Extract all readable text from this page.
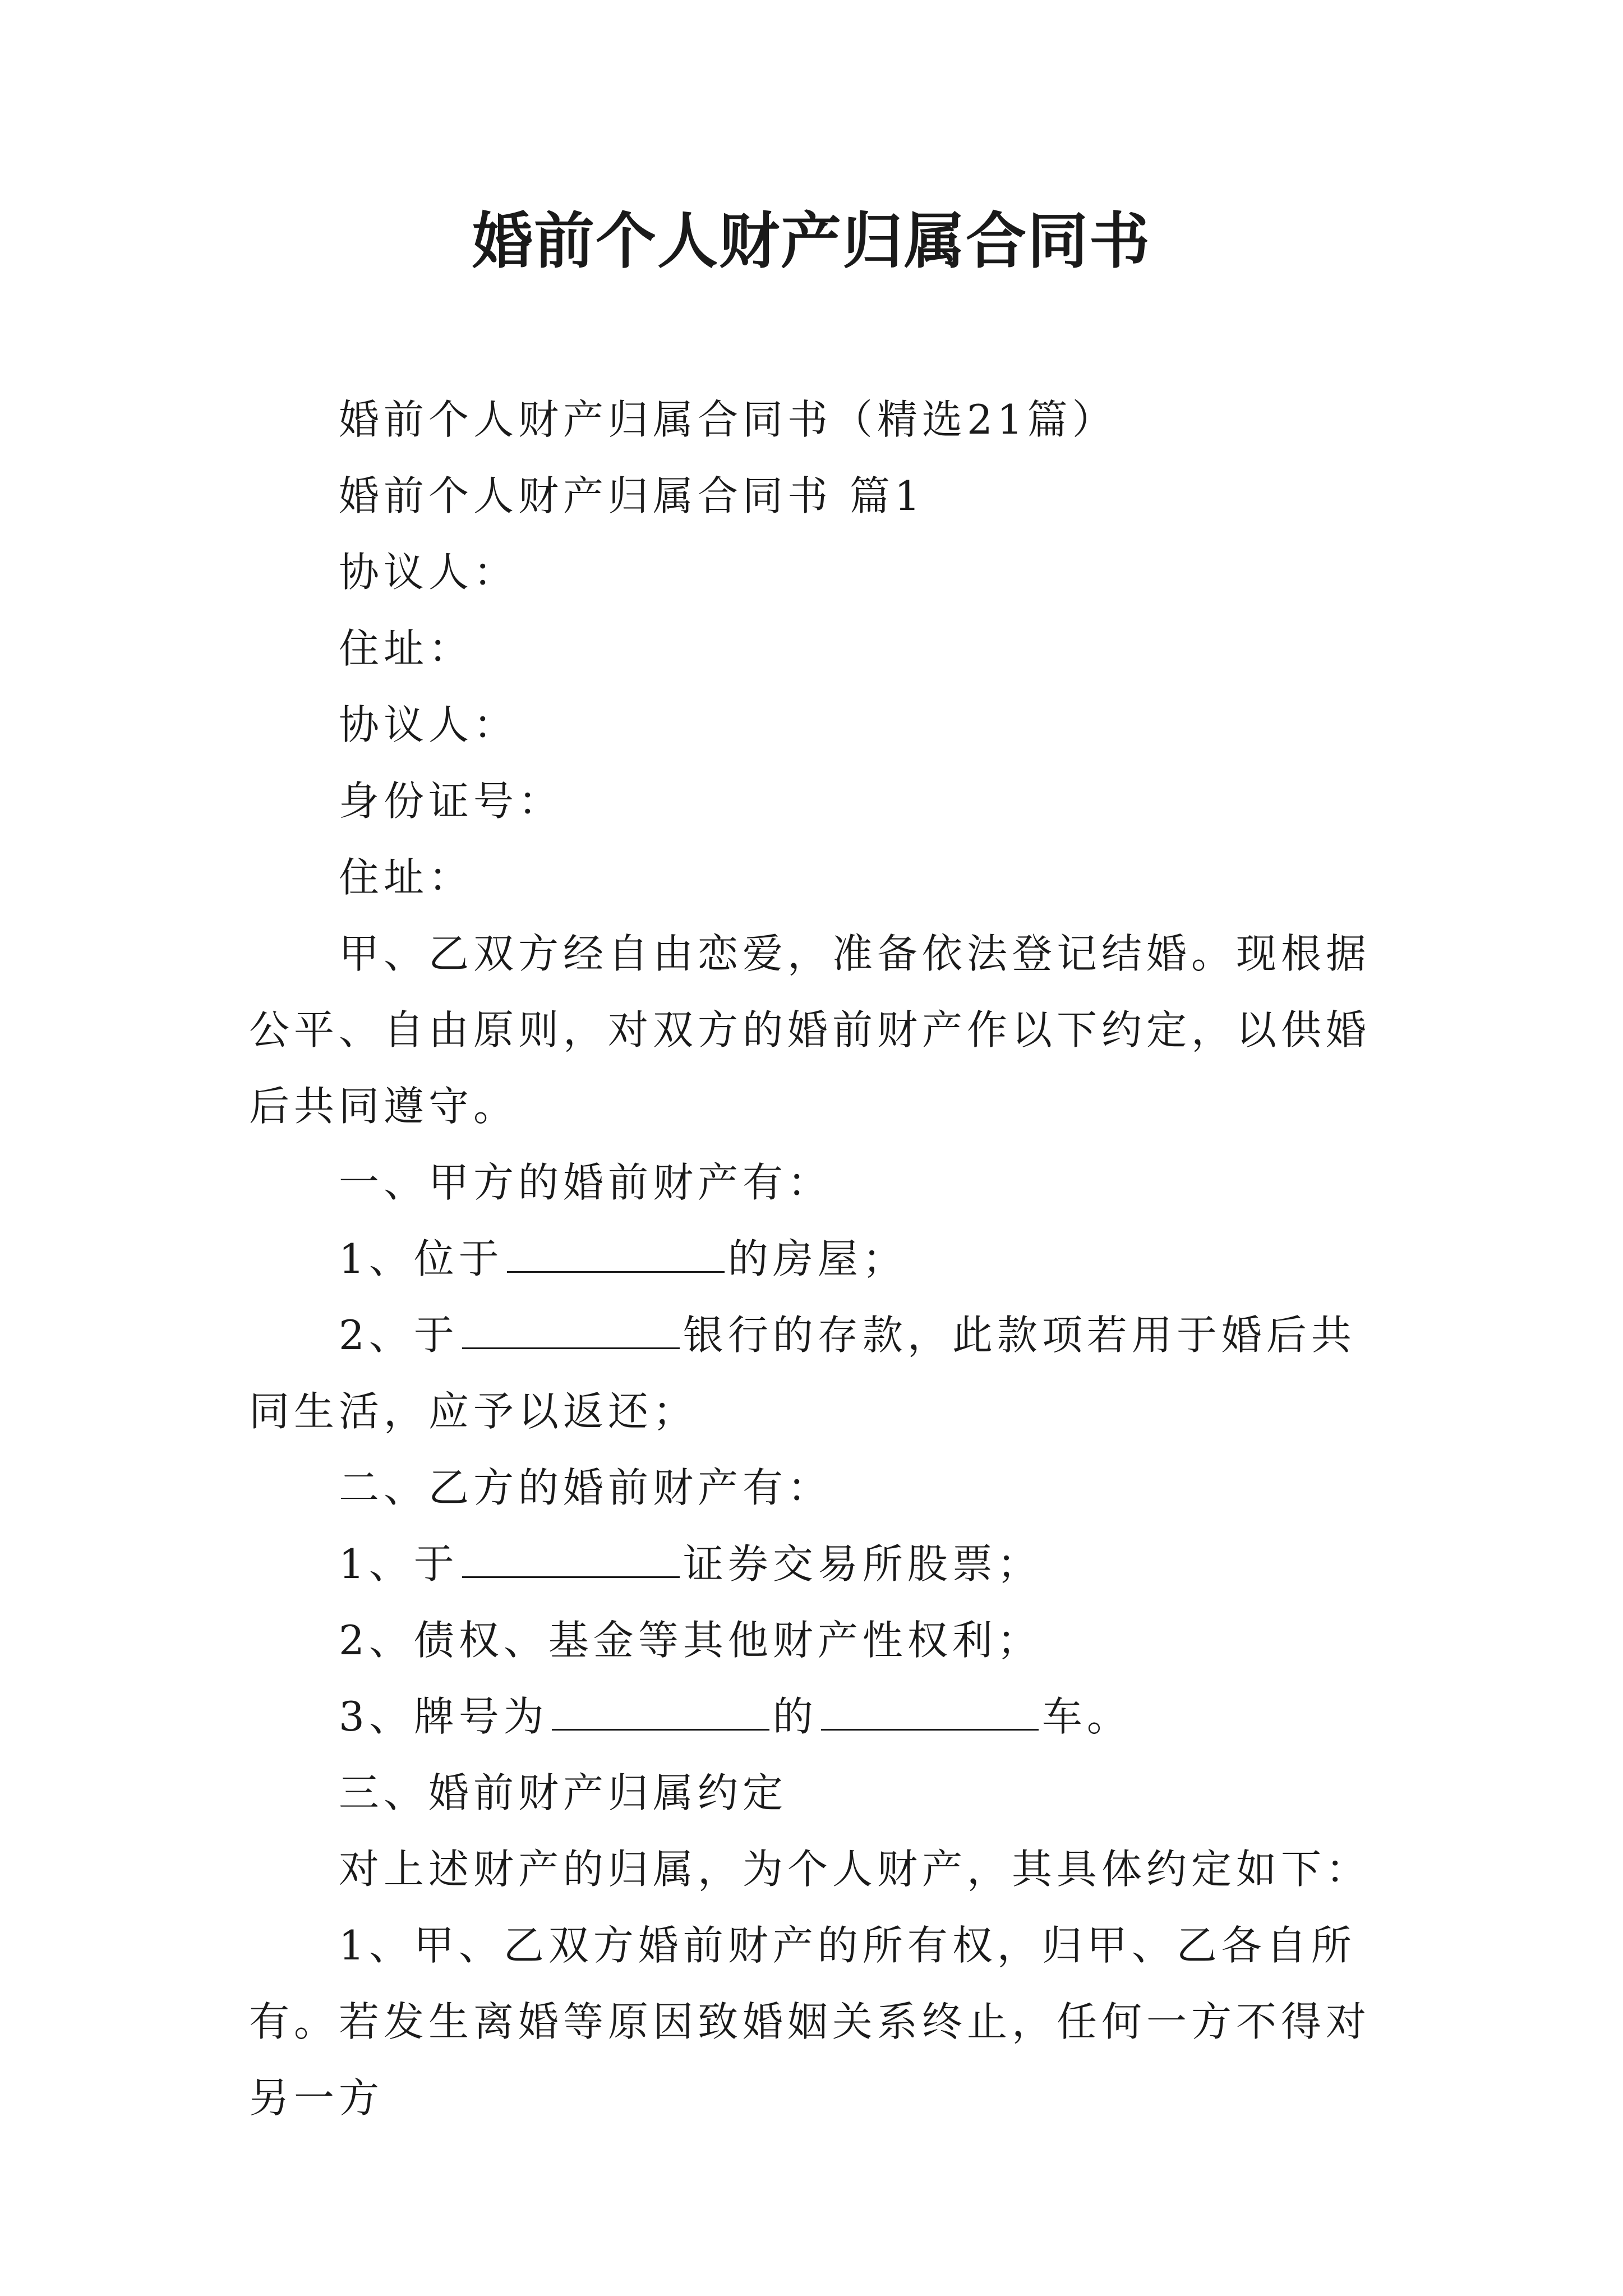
婚前个人财产归属合同书

婚前个人财产归属合同书（精选21篇）

婚前个人财产归属合同书 篇1

协议人：

住址：

协议人：

身份证号：

住址：

甲、乙双方经自由恋爱，准备依法登记结婚。现根据公平、自由原则，对双方的婚前财产作以下约定，以供婚后共同遵守。

一、甲方的婚前财产有：

1、位于	的房屋；

2、于	银行的存款，此款项若用于婚后共同生活，应予以返还；

二、乙方的婚前财产有：

1、于	证券交易所股票；

2、债权、基金等其他财产性权利；

3、牌号为	的	车。

三、婚前财产归属约定

对上述财产的归属，为个人财产，其具体约定如下：

1、甲、乙双方婚前财产的所有权，归甲、乙各自所有。若发生离婚等原因致婚姻关系终止，任何一方不得对另一方
